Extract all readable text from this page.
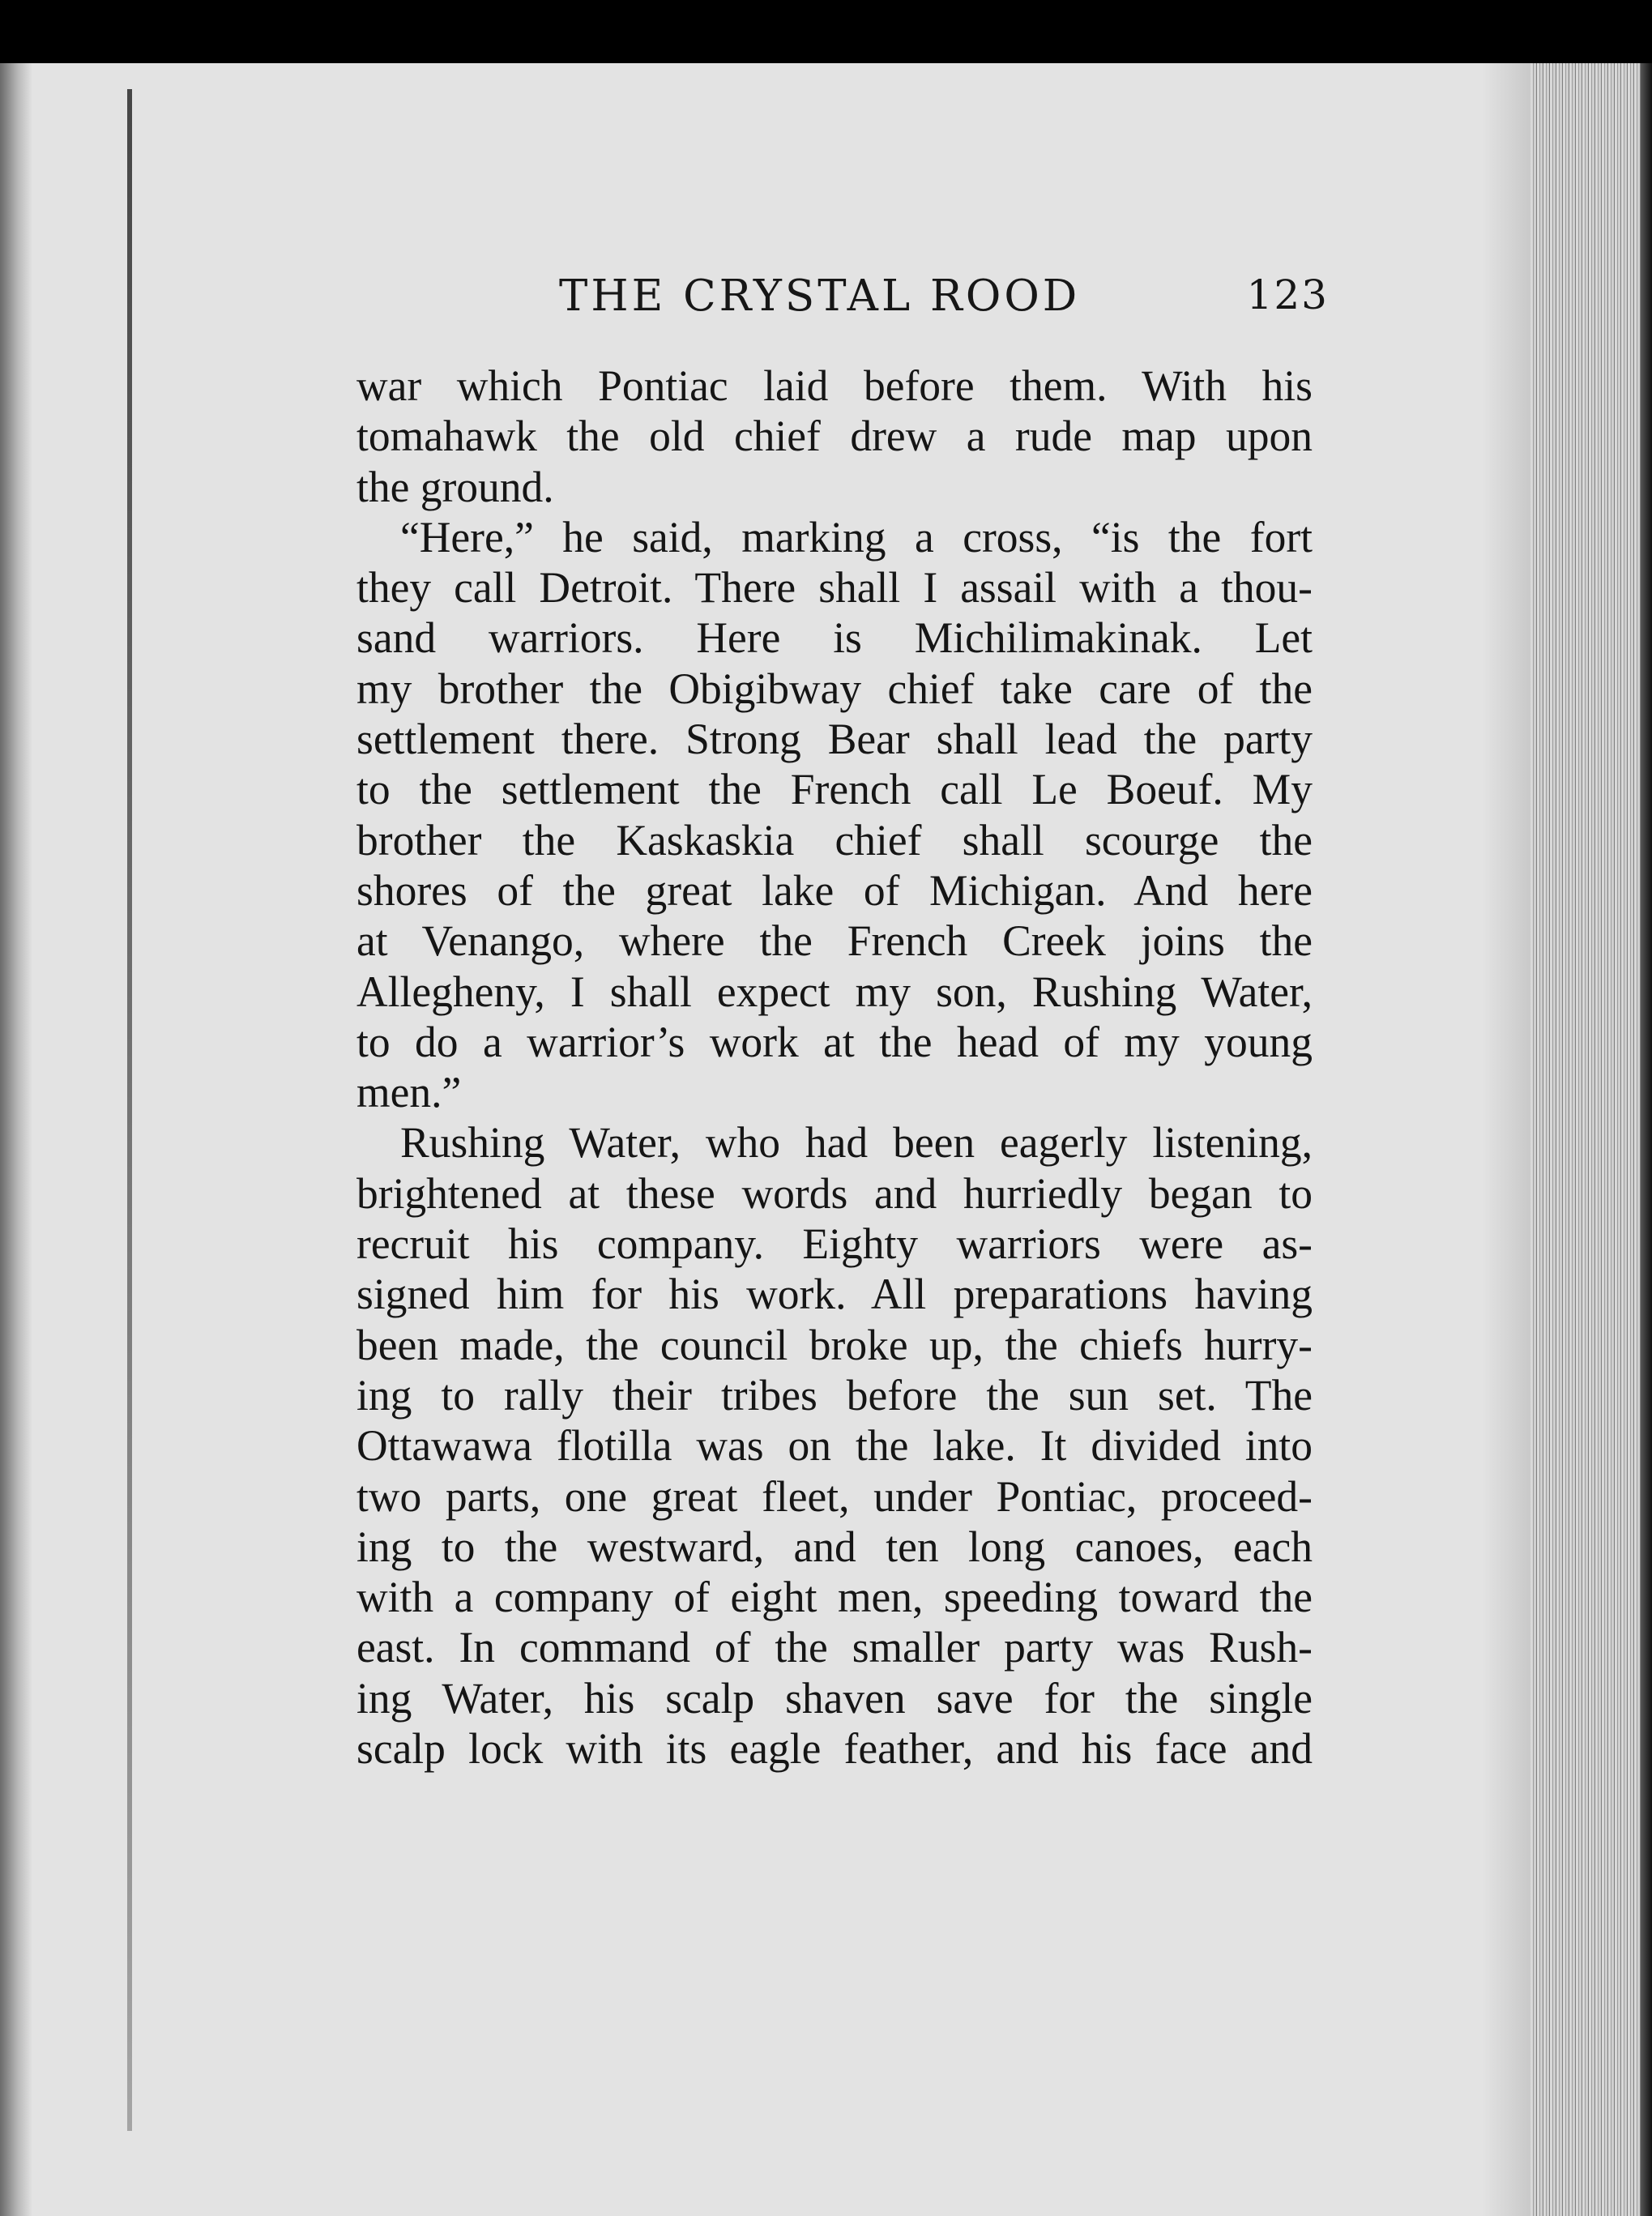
THE CRYSTAL ROOD	123
war which Pontiac laid before them. With his
tomahawk the old chief drew a rude map upon
the ground.
“Here,” he said, marking a cross, “is the fort
they call Detroit. There shall I assail with a thou-
sand warriors. Here is Michilimakinak. Let
my brother the Obigibway chief take care of the
settlement there. Strong Bear shall lead the party
to the settlement the French call Le Boeuf. My
brother the Kaskaskia chief shall scourge the
shores of the great lake of Michigan. And here
at Venango, where the French Creek joins the
Allegheny, I shall expect my son, Rushing Water,
to do a warrior’s work at the head of my young
men.”
Rushing Water, who had been eagerly listening,
brightened at these words and hurriedly began to
recruit his company. Eighty warriors were as-
signed him for his work. All preparations having
been made, the council broke up, the chiefs hurry-
ing to rally their tribes before the sun set. The
Ottawawa flotilla was on the lake. It divided into
two parts, one great fleet, under Pontiac, proceed-
ing to the westward, and ten long canoes, each
with a company of eight men, speeding toward the
east. In command of the smaller party was Rush-
ing Water, his scalp shaven save for the single
scalp lock with its eagle feather, and his face and
